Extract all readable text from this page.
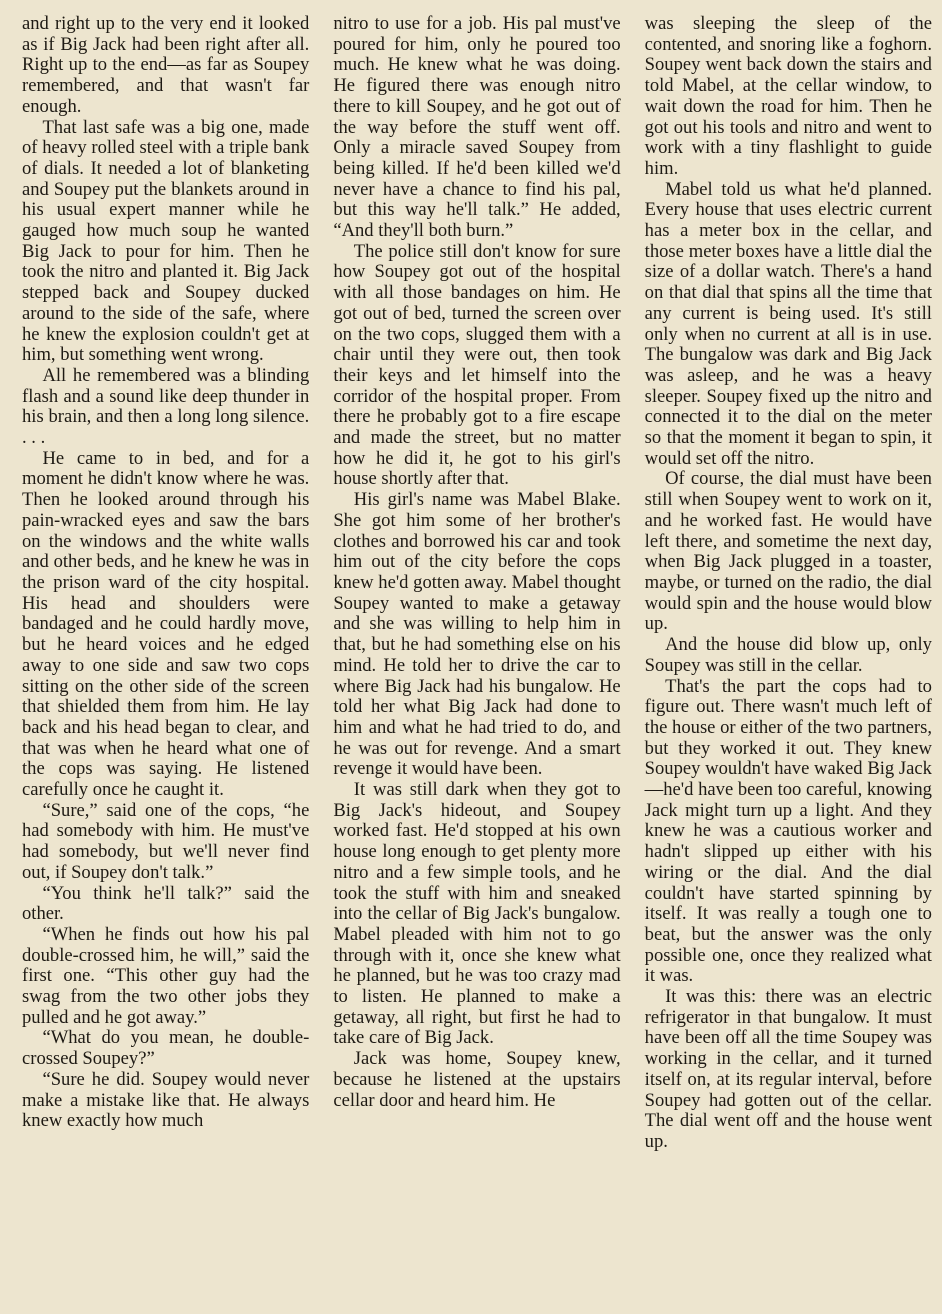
and right up to the very end it looked as if Big Jack had been right after all. Right up to the end—as far as Soupey remembered, and that wasn't far enough.

That last safe was a big one, made of heavy rolled steel with a triple bank of dials. It needed a lot of blanketing and Soupey put the blankets around in his usual expert manner while he gauged how much soup he wanted Big Jack to pour for him. Then he took the nitro and planted it. Big Jack stepped back and Soupey ducked around to the side of the safe, where he knew the explosion couldn't get at him, but something went wrong.

All he remembered was a blinding flash and a sound like deep thunder in his brain, and then a long long silence. . . .

He came to in bed, and for a moment he didn't know where he was. Then he looked around through his pain-wracked eyes and saw the bars on the windows and the white walls and other beds, and he knew he was in the prison ward of the city hospital. His head and shoulders were bandaged and he could hardly move, but he heard voices and he edged away to one side and saw two cops sitting on the other side of the screen that shielded them from him. He lay back and his head began to clear, and that was when he heard what one of the cops was saying. He listened carefully once he caught it.

“Sure,” said one of the cops, “he had somebody with him. He must've had somebody, but we'll never find out, if Soupey don't talk.”

“You think he'll talk?” said the other.

“When he finds out how his pal double-crossed him, he will,” said the first one. “This other guy had the swag from the two other jobs they pulled and he got away.”

“What do you mean, he double-crossed Soupey?”

“Sure he did. Soupey would never make a mistake like that. He always knew exactly how much

nitro to use for a job. His pal must've poured for him, only he poured too much. He knew what he was doing. He figured there was enough nitro there to kill Soupey, and he got out of the way before the stuff went off. Only a miracle saved Soupey from being killed. If he'd been killed we'd never have a chance to find his pal, but this way he'll talk.” He added, “And they'll both burn.”

The police still don't know for sure how Soupey got out of the hospital with all those bandages on him. He got out of bed, turned the screen over on the two cops, slugged them with a chair until they were out, then took their keys and let himself into the corridor of the hospital proper. From there he probably got to a fire escape and made the street, but no matter how he did it, he got to his girl's house shortly after that.

His girl's name was Mabel Blake. She got him some of her brother's clothes and borrowed his car and took him out of the city before the cops knew he'd gotten away. Mabel thought Soupey wanted to make a getaway and she was willing to help him in that, but he had something else on his mind. He told her to drive the car to where Big Jack had his bungalow. He told her what Big Jack had done to him and what he had tried to do, and he was out for revenge. And a smart revenge it would have been.

It was still dark when they got to Big Jack's hideout, and Soupey worked fast. He'd stopped at his own house long enough to get plenty more nitro and a few simple tools, and he took the stuff with him and sneaked into the cellar of Big Jack's bungalow. Mabel pleaded with him not to go through with it, once she knew what he planned, but he was too crazy mad to listen. He planned to make a getaway, all right, but first he had to take care of Big Jack.

Jack was home, Soupey knew, because he listened at the upstairs cellar door and heard him. He

was sleeping the sleep of the contented, and snoring like a foghorn. Soupey went back down the stairs and told Mabel, at the cellar window, to wait down the road for him. Then he got out his tools and nitro and went to work with a tiny flashlight to guide him.

Mabel told us what he'd planned. Every house that uses electric current has a meter box in the cellar, and those meter boxes have a little dial the size of a dollar watch. There's a hand on that dial that spins all the time that any current is being used. It's still only when no current at all is in use. The bungalow was dark and Big Jack was asleep, and he was a heavy sleeper. Soupey fixed up the nitro and connected it to the dial on the meter so that the moment it began to spin, it would set off the nitro.

Of course, the dial must have been still when Soupey went to work on it, and he worked fast. He would have left there, and sometime the next day, when Big Jack plugged in a toaster, maybe, or turned on the radio, the dial would spin and the house would blow up.

And the house did blow up, only Soupey was still in the cellar.

That's the part the cops had to figure out. There wasn't much left of the house or either of the two partners, but they worked it out. They knew Soupey wouldn't have waked Big Jack—he'd have been too careful, knowing Jack might turn up a light. And they knew he was a cautious worker and hadn't slipped up either with his wiring or the dial. And the dial couldn't have started spinning by itself. It was really a tough one to beat, but the answer was the only possible one, once they realized what it was.

It was this: there was an electric refrigerator in that bungalow. It must have been off all the time Soupey was working in the cellar, and it turned itself on, at its regular interval, before Soupey had gotten out of the cellar. The dial went off and the house went up.
